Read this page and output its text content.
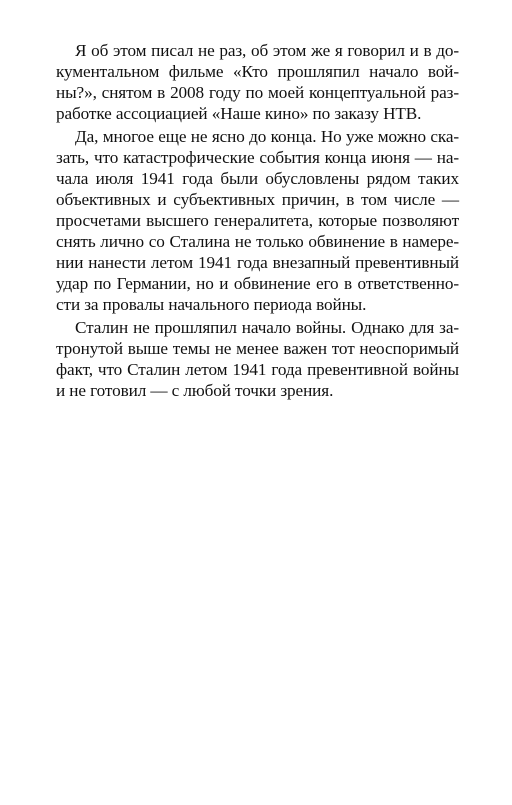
Я об этом писал не раз, об этом же я говорил и в до-
кументальном фильме «Кто прошляпил начало вой-
ны?», снятом в 2008 году по моей концептуальной раз-
работке ассоциацией «Наше кино» по заказу НТВ.
Да, многое еще не ясно до конца. Но уже можно ска-
зать, что катастрофические события конца июня — на-
чала июля 1941 года были обусловлены рядом таких
объективных и субъективных причин, в том числе —
просчетами высшего генералитета, которые позволяют
снять лично со Сталина не только обвинение в намере-
нии нанести летом 1941 года внезапный превентивный
удар по Германии, но и обвинение его в ответственно-
сти за провалы начального периода войны.
Сталин не прошляпил начало войны. Однако для за-
тронутой выше темы не менее важен тот неоспоримый
факт, что Сталин летом 1941 года превентивной войны
и не готовил — с любой точки зрения.
